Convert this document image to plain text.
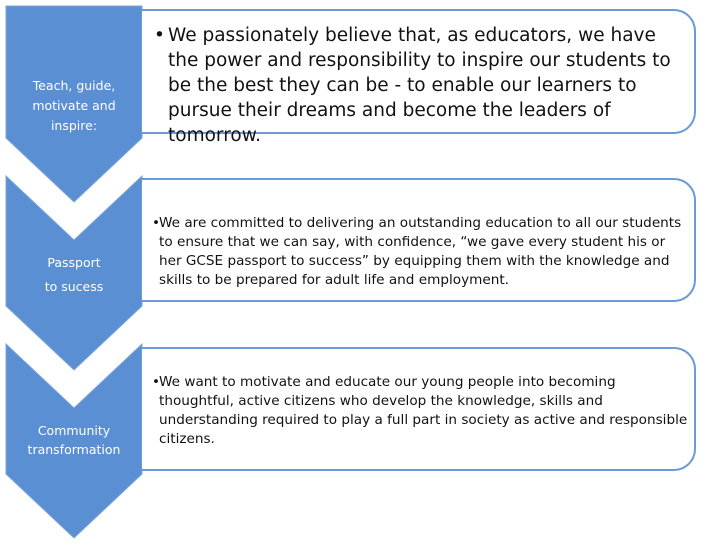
Teach, guide,
motivate and
inspire:
Passport
to sucess
Community
transformation
• We passionately believe that, as educators, we have the power and responsibility to inspire our students to be the best they can be - to enable our learners to pursue their dreams and become the leaders of tomorrow.
•
We are committed to delivering an outstanding education to all our students to ensure that we can say, with confidence, “we gave every student his or her GCSE passport to success” by equipping them with the knowledge and skills to be prepared for adult life and employment.
•
We want to motivate and educate our young people into becoming thoughtful, active citizens who develop the knowledge, skills and understanding required to play a full part in society as active and responsible citizens.
